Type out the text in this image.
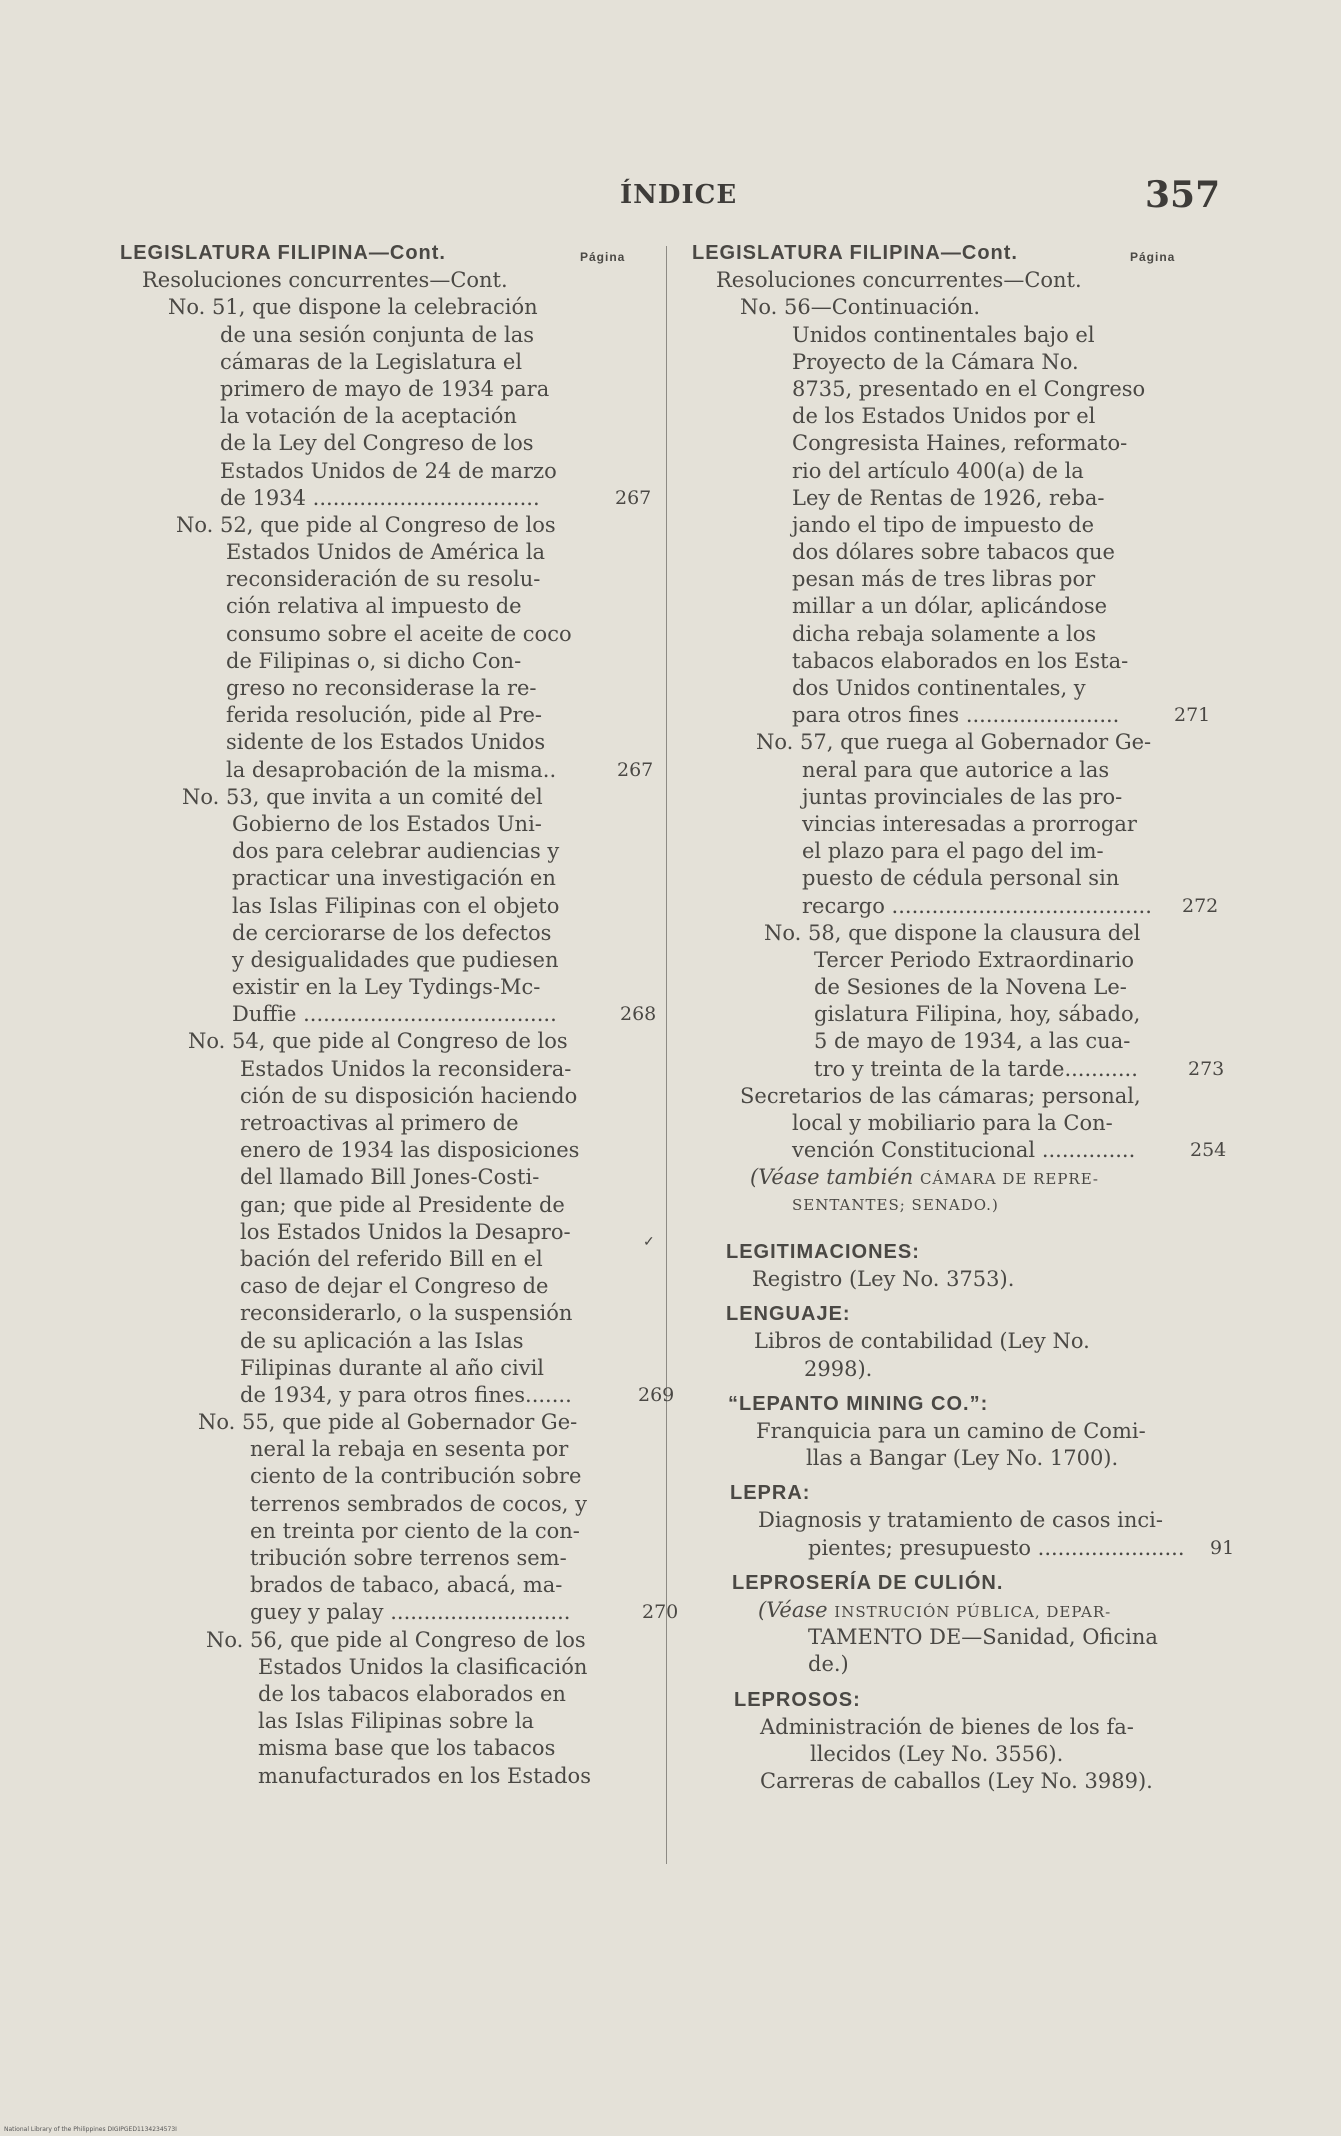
ÍNDICE	357
LEGISLATURA FILIPINA—Cont.	Página
Resoluciones concurrentes—Cont.
No. 51, que dispone la celebración
de una sesión conjunta de las
cámaras de la Legislatura el
primero de mayo de 1934 para
la votación de la aceptación
de la Ley del Congreso de los
Estados Unidos de 24 de marzo
de 1934 ..................................	267
No. 52, que pide al Congreso de los
Estados Unidos de América la
reconsideración de su resolu-
ción relativa al impuesto de
consumo sobre el aceite de coco
de Filipinas o, si dicho Con-
greso no reconsiderase la re-
ferida resolución, pide al Pre-
sidente de los Estados Unidos
la desaprobación de la misma..	267
No. 53, que invita a un comité del
Gobierno de los Estados Uni-
dos para celebrar audiencias y
practicar una investigación en
las Islas Filipinas con el objeto
de cerciorarse de los defectos
y desigualidades que pudiesen
existir en la Ley Tydings-Mc-
Duffie ......................................	268
No. 54, que pide al Congreso de los
Estados Unidos la reconsidera-
ción de su disposición haciendo
retroactivas al primero de
enero de 1934 las disposiciones
del llamado Bill Jones-Costi-
gan; que pide al Presidente de
los Estados Unidos la Desapro-
bación del referido Bill en el
caso de dejar el Congreso de
reconsiderarlo, o la suspensión
de su aplicación a las Islas
Filipinas durante al año civil
de 1934, y para otros fines.......	269
No. 55, que pide al Gobernador Ge-
neral la rebaja en sesenta por
ciento de la contribución sobre
terrenos sembrados de cocos, y
en treinta por ciento de la con-
tribución sobre terrenos sem-
brados de tabaco, abacá, ma-
guey y palay ...........................	270
No. 56, que pide al Congreso de los
Estados Unidos la clasificación
de los tabacos elaborados en
las Islas Filipinas sobre la
misma base que los tabacos
manufacturados en los Estados
✓
LEGISLATURA FILIPINA—Cont.	Página
Resoluciones concurrentes—Cont.
No. 56—Continuación.
Unidos continentales bajo el
Proyecto de la Cámara No.
8735, presentado en el Congreso
de los Estados Unidos por el
Congresista Haines, reformato-
rio del artículo 400(a) de la
Ley de Rentas de 1926, reba-
jando el tipo de impuesto de
dos dólares sobre tabacos que
pesan más de tres libras por
millar a un dólar, aplicándose
dicha rebaja solamente a los
tabacos elaborados en los Esta-
dos Unidos continentales, y
para otros fines .......................	271
No. 57, que ruega al Gobernador Ge-
neral para que autorice a las
juntas provinciales de las pro-
vincias interesadas a prorrogar
el plazo para el pago del im-
puesto de cédula personal sin
recargo ....................................... 272
No. 58, que dispone la clausura del
Tercer Periodo Extraordinario
de Sesiones de la Novena Le-
gislatura Filipina, hoy, sábado,
5 de mayo de 1934, a las cua-
tro y treinta de la tarde...........	273
Secretarios de las cámaras; personal,
local y mobiliario para la Con-
vención Constitucional ..............	254
(Véase también CÁMARA DE REPRE-
SENTANTES; SENADO.)
LEGITIMACIONES:
Registro (Ley No. 3753).
LENGUAJE:
Libros de contabilidad (Ley No.
2998).
“LEPANTO MINING CO.”:
Franquicia para un camino de Comi-
llas a Bangar (Ley No. 1700).
LEPRA:
Diagnosis y tratamiento de casos inci-
pientes; presupuesto ...................... 91
LEPROSERÍA DE CULIÓN.
(Véase INSTRUCIÓN PÚBLICA, DEPAR-
TAMENTO DE—Sanidad, Oficina
de.)
LEPROSOS:
Administración de bienes de los fa-
llecidos (Ley No. 3556).
Carreras de caballos (Ley No. 3989).
National Library of the Philippines DIGIPGED1134234573I
